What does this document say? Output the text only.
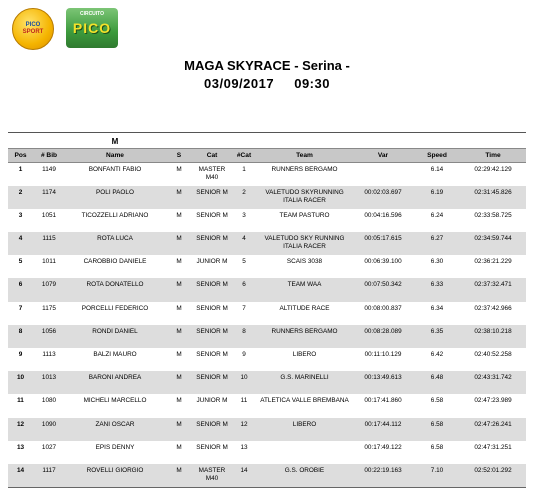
PICO
SPORT
CIRCUITO
PICO
MAGA SKYRACE - Serina -
03/09/2017 09:30
		M							
Pos	# Bib	Name	S	Cat	#Cat	Team	Var	Speed	Time
1	1149	BONFANTI FABIO	M	MASTER M40	1	RUNNERS BERGAMO		6.14	02:29:42.129
2	1174	POLI PAOLO	M	SENIOR M	2	VALETUDO SKYRUNNING ITALIA RACER	00:02:03.697	6.19	02:31:45.826
3	1051	TICOZZELLI ADRIANO	M	SENIOR M	3	TEAM PASTURO	00:04:16.596	6.24	02:33:58.725
4	1115	ROTA LUCA	M	SENIOR M	4	VALETUDO SKY RUNNING ITALIA RACER	00:05:17.615	6.27	02:34:59.744
5	1011	CAROBBIO DANIELE	M	JUNIOR M	5	SCAIS 3038	00:06:39.100	6.30	02:36:21.229
6	1079	ROTA DONATELLO	M	SENIOR M	6	TEAM WAA	00:07:50.342	6.33	02:37:32.471
7	1175	PORCELLI FEDERICO	M	SENIOR M	7	ALTITUDE RACE	00:08:00.837	6.34	02:37:42.966
8	1056	RONDI DANIEL	M	SENIOR M	8	RUNNERS BERGAMO	00:08:28.089	6.35	02:38:10.218
9	1113	BALZI MAURO	M	SENIOR M	9	LIBERO	00:11:10.129	6.42	02:40:52.258
10	1013	BARONI ANDREA	M	SENIOR M	10	G.S. MARINELLI	00:13:49.613	6.48	02:43:31.742
11	1080	MICHELI MARCELLO	M	JUNIOR M	11	ATLETICA VALLE BREMBANA	00:17:41.860	6.58	02:47:23.989
12	1090	ZANI OSCAR	M	SENIOR M	12	LIBERO	00:17:44.112	6.58	02:47:26.241
13	1027	EPIS DENNY	M	SENIOR M	13		00:17:49.122	6.58	02:47:31.251
14	1117	ROVELLI GIORGIO	M	MASTER M40	14	G.S. OROBIE	00:22:19.163	7.10	02:52:01.292
